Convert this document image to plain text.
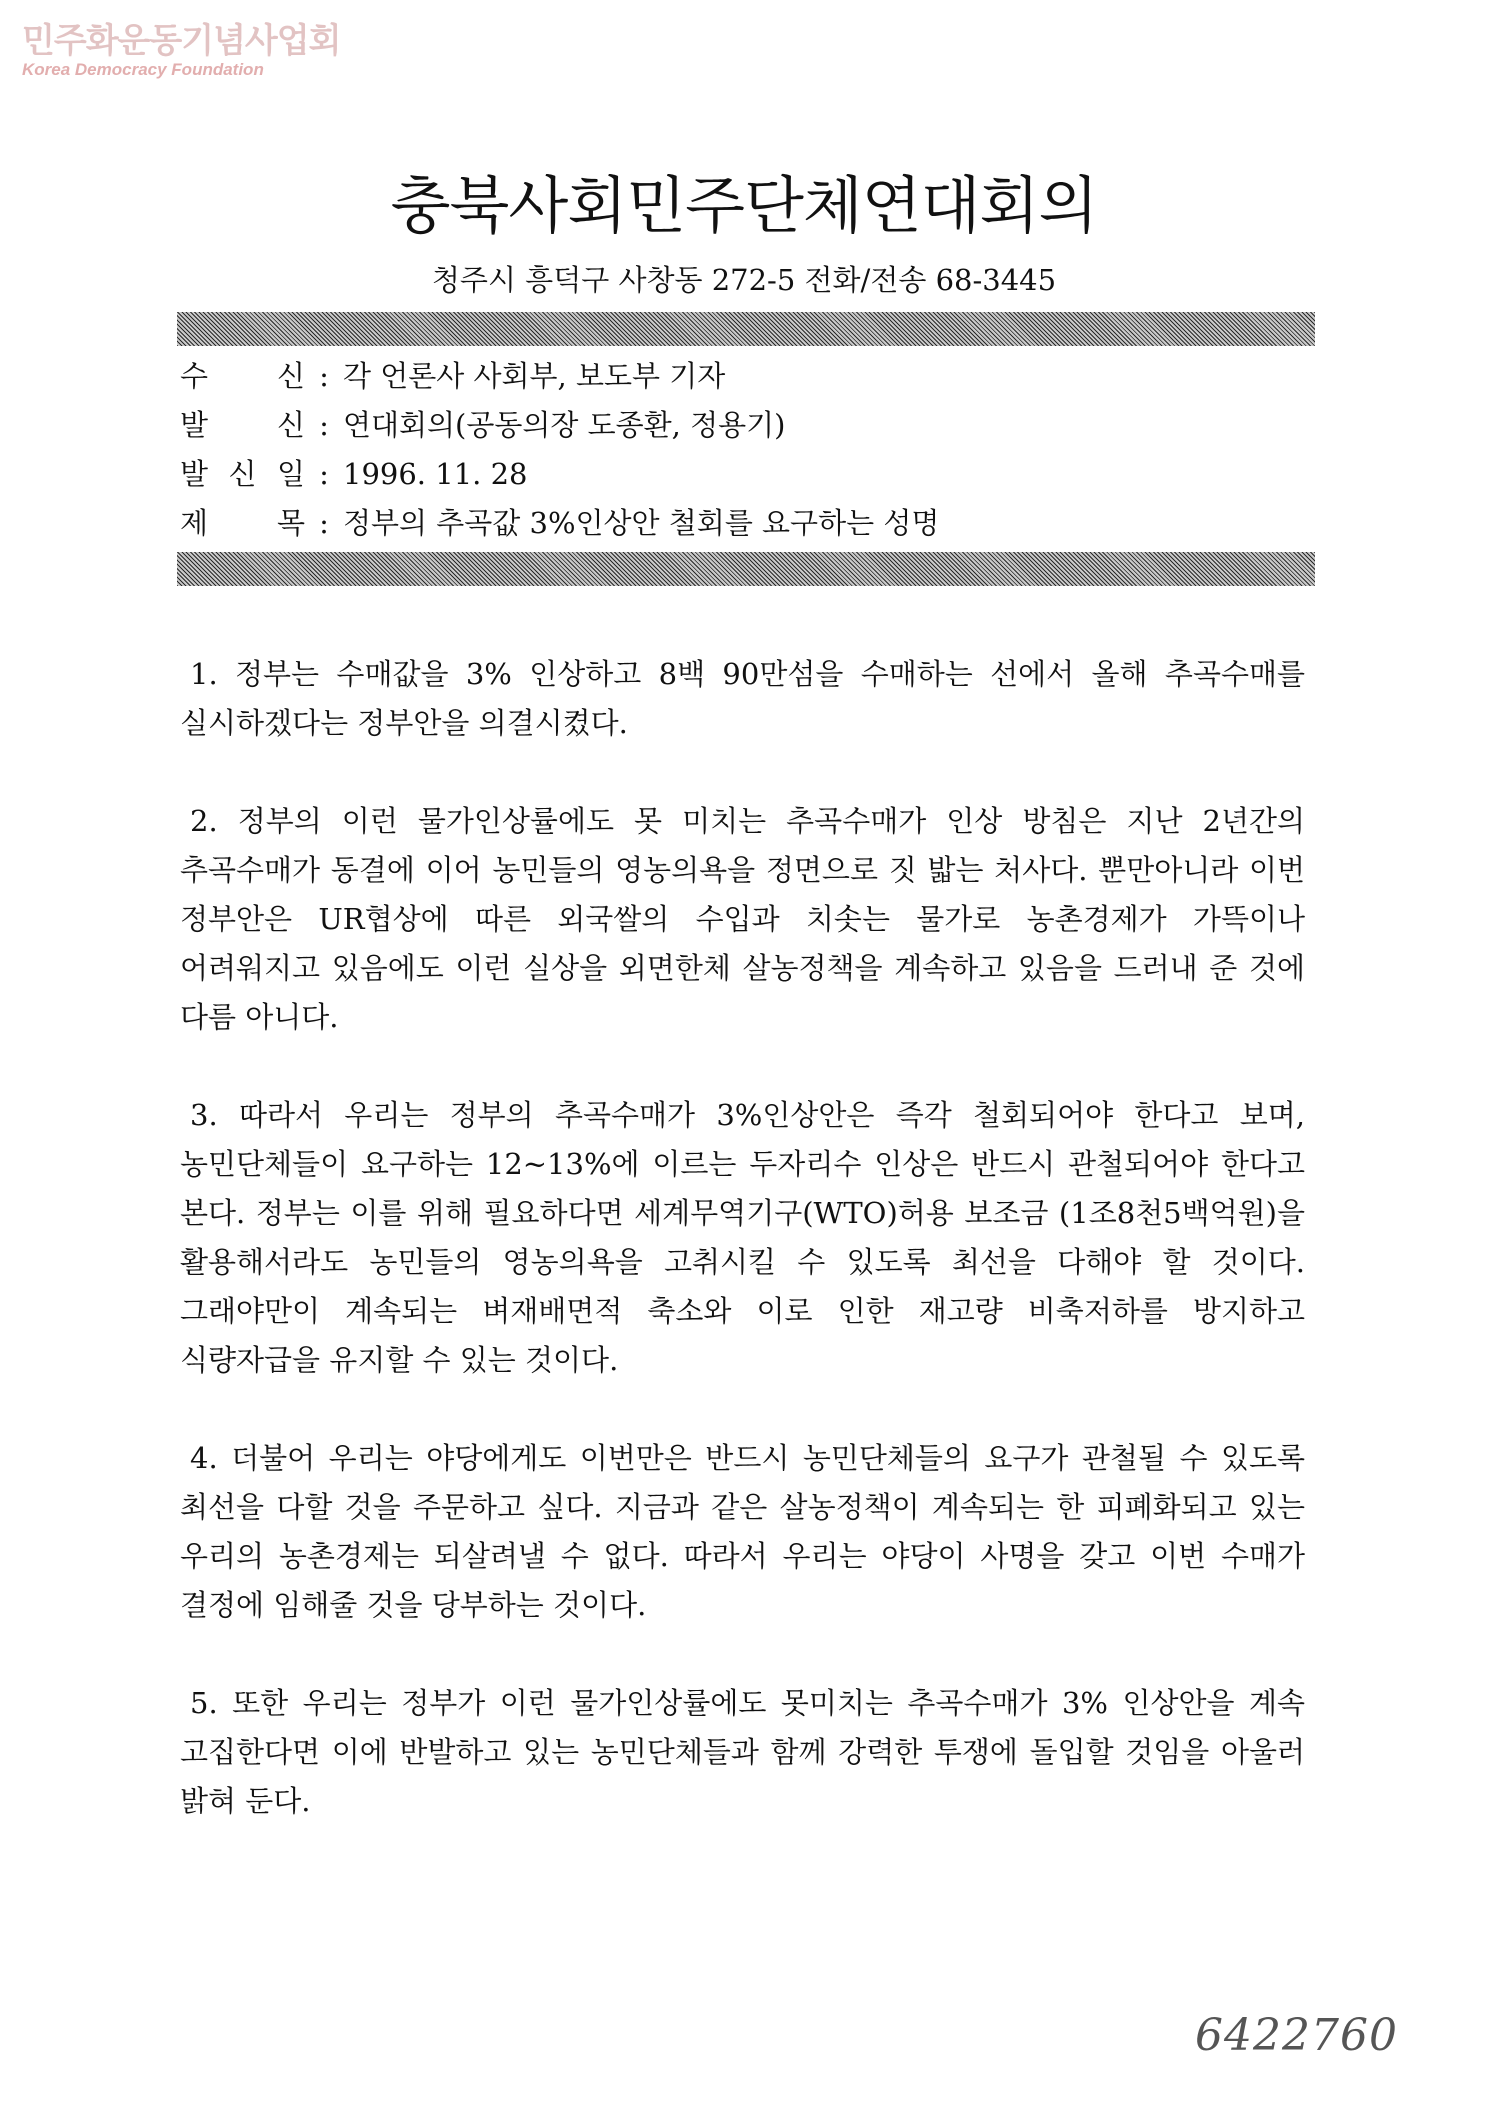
민주화운동기념사업회
Korea Democracy Foundation
충북사회민주단체연대회의
청주시 흥덕구 사창동 272-5 전화/전송 68-3445
수 신 : 각 언론사 사회부, 보도부 기자
발 신 : 연대회의(공동의장 도종환, 정용기)
발 신 일 : 1996. 11. 28
제 목 : 정부의 추곡값 3%인상안 철회를 요구하는 성명

1. 정부는 수매값을 3% 인상하고 8백 90만섬을 수매하는 선에서 올해 추곡수매를 실시하겠다는 정부안을 의결시켰다.

2. 정부의 이런 물가인상률에도 못 미치는 추곡수매가 인상 방침은 지난 2년간의 추곡수매가 동결에 이어 농민들의 영농의욕을 정면으로 짓 밟는 처사다. 뿐만아니라 이번 정부안은 UR협상에 따른 외국쌀의 수입과 치솟는 물가로 농촌경제가 가뜩이나 어려워지고 있음에도 이런 실상을 외면한체 살농정책을 계속하고 있음을 드러내 준 것에 다름 아니다.

3. 따라서 우리는 정부의 추곡수매가 3%인상안은 즉각 철회되어야 한다고 보며, 농민단체들이 요구하는 12~13%에 이르는 두자리수 인상은 반드시 관철되어야 한다고 본다. 정부는 이를 위해 필요하다면 세계무역기구(WTO)허용 보조금 (1조8천5백억원)을 활용해서라도 농민들의 영농의욕을 고취시킬 수 있도록 최선을 다해야 할 것이다. 그래야만이 계속되는 벼재배면적 축소와 이로 인한 재고량 비축저하를 방지하고 식량자급을 유지할 수 있는 것이다.

4. 더불어 우리는 야당에게도 이번만은 반드시 농민단체들의 요구가 관철될 수 있도록 최선을 다할 것을 주문하고 싶다. 지금과 같은 살농정책이 계속되는 한 피폐화되고 있는 우리의 농촌경제는 되살려낼 수 없다. 따라서 우리는 야당이 사명을 갖고 이번 수매가 결정에 임해줄 것을 당부하는 것이다.

5. 또한 우리는 정부가 이런 물가인상률에도 못미치는 추곡수매가 3% 인상안을 계속 고집한다면 이에 반발하고 있는 농민단체들과 함께 강력한 투쟁에 돌입할 것임을 아울러 밝혀 둔다.

6422760
